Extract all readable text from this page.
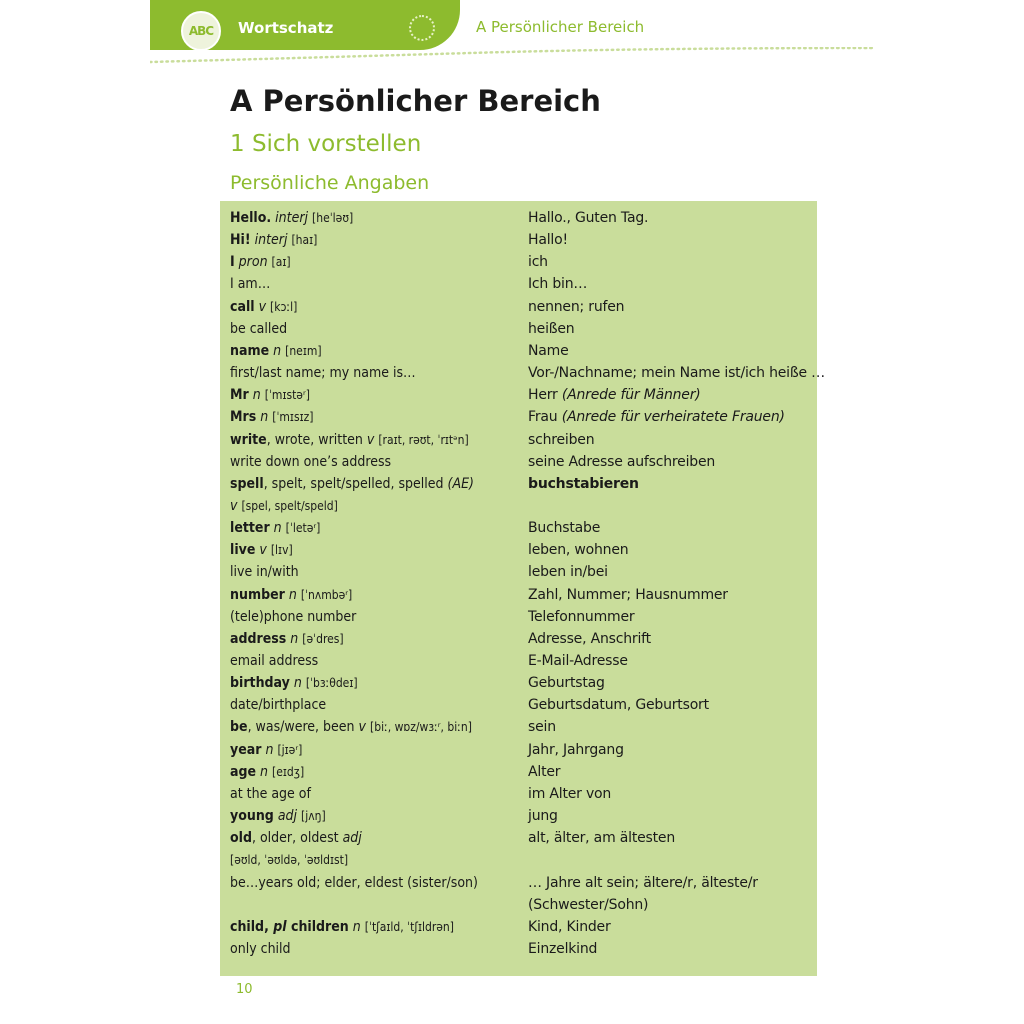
ABC	Wortschatz	A Persönlicher Bereich
A Persönlicher Bereich
1 Sich vorstellen
Persönliche Angaben
Hello. interj [heˈləʊ]	Hallo., Guten Tag.
Hi! interj [haɪ]	Hallo!
I pron [aɪ]	ich
I am…	Ich bin…
call v [kɔːl]	nennen; rufen
be called	heißen
name n [neɪm]	Name
first/last name; my name is…	Vor-/Nachname; mein Name ist/ich heiße …
Mr n [ˈmɪstəʳ]	Herr (Anrede für Männer)
Mrs n [ˈmɪsɪz]	Frau (Anrede für verheiratete Frauen)
write, wrote, written v [raɪt, rəʊt, ˈrɪtᵊn]	schreiben
write down one’s address	seine Adresse aufschreiben
spell, spelt, spelt/spelled, spelled (AE)	buchstabieren
v [spel, spelt/speld]
letter n [ˈletəʳ]	Buchstabe
live v [lɪv]	leben, wohnen
live in/with	leben in/bei
number n [ˈnʌmbəʳ]	Zahl, Nummer; Hausnummer
(tele)phone number	Telefonnummer
address n [əˈdres]	Adresse, Anschrift
email address	E-Mail-Adresse
birthday n [ˈbɜːθdeɪ]	Geburtstag
date/birthplace	Geburtsdatum, Geburtsort
be, was/were, been v [biː, wɒz/wɜːʳ, biːn]	sein
year n [jɪəʳ]	Jahr, Jahrgang
age n [eɪdʒ]	Alter
at the age of	im Alter von
young adj [jʌŋ]	jung
old, older, oldest adj	alt, älter, am ältesten
[əʊld, ˈəʊldə, ˈəʊldɪst]
be…years old; elder, eldest (sister/son)	… Jahre alt sein; ältere/r, älteste/r
(Schwester/Sohn)
child, pl children n [ˈtʃaɪld, ˈtʃɪldrən]	Kind, Kinder
only child	Einzelkind
10
